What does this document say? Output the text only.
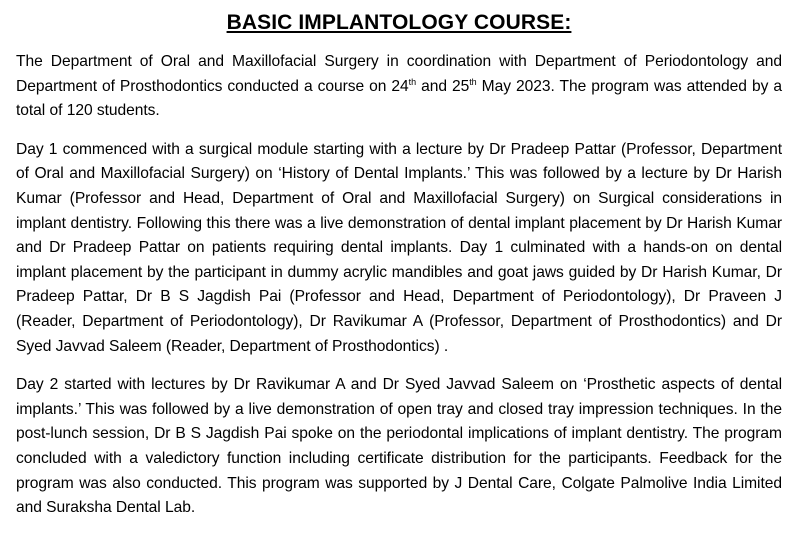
BASIC IMPLANTOLOGY COURSE:

The Department of Oral and Maxillofacial Surgery in coordination with Department of Periodontology and Department of Prosthodontics conducted a course on 24th and 25th May 2023. The program was attended by a total of 120 students.

Day 1 commenced with a surgical module starting with a lecture by Dr Pradeep Pattar (Professor, Department of Oral and Maxillofacial Surgery) on ‘History of Dental Implants.’ This was followed by a lecture by Dr Harish Kumar (Professor and Head, Department of Oral and Maxillofacial Surgery) on Surgical considerations in implant dentistry. Following this there was a live demonstration of dental implant placement by Dr Harish Kumar and Dr Pradeep Pattar on patients requiring dental implants. Day 1 culminated with a hands-on on dental implant placement by the participant in dummy acrylic mandibles and goat jaws guided by Dr Harish Kumar, Dr Pradeep Pattar, Dr B S Jagdish Pai (Professor and Head, Department of Periodontology), Dr Praveen J (Reader, Department of Periodontology), Dr Ravikumar A (Professor, Department of Prosthodontics) and Dr Syed Javvad Saleem (Reader, Department of Prosthodontics) .

Day 2 started with lectures by Dr Ravikumar A and Dr Syed Javvad Saleem on ‘Prosthetic aspects of dental implants.’ This was followed by a live demonstration of open tray and closed tray impression techniques. In the post-lunch session, Dr B S Jagdish Pai spoke on the periodontal implications of implant dentistry. The program concluded with a valedictory function including certificate distribution for the participants. Feedback for the program was also conducted. This program was supported by J Dental Care, Colgate Palmolive India Limited and Suraksha Dental Lab.
